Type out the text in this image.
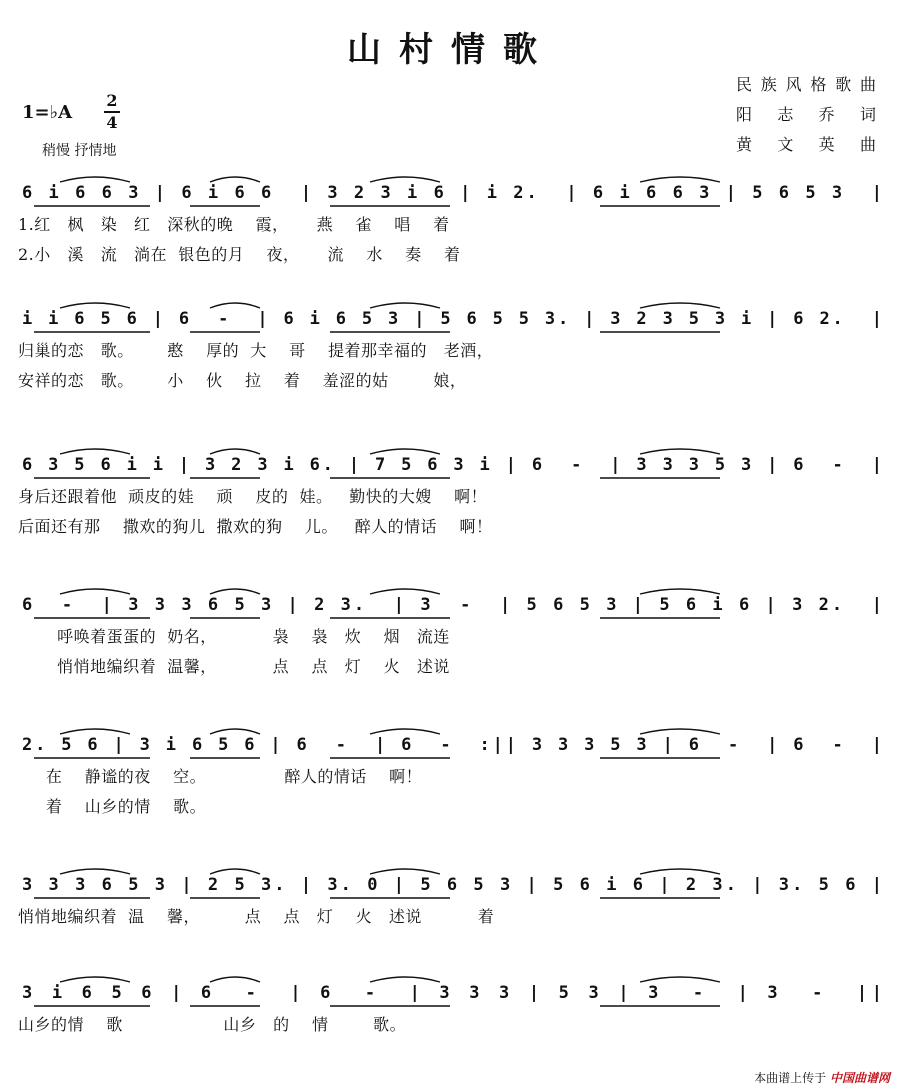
山村情歌
民族风格歌曲
阳 志 乔 词
黄 文 英 曲
1=♭A
2
4
稍慢 抒情地
6 i 6 6 3 | 6 i 6 6  | 3 2 3 i 6 | i 2.  | 6 i 6 6 3 | 5 6 5 3  |
1.红   枫   染   红   深秋的晚    霞，     燕    雀    唱    着
2.小   溪   流   淌在  银色的月    夜，     流    水    奏    着
i i 6 5 6 | 6  -  | 6 i 6 5 3 | 5 6 5 5 3. | 3 2 3 5 3 i | 6 2.  |
归巢的恋   歌。      憨    厚的  大    哥    提着那幸福的   老酒，
安祥的恋   歌。      小    伙    拉    着    羞涩的姑        娘，
6 3 5 6 i i | 3 2 3 i 6. | 7 5 6 3 i | 6  -  | 3 3 3 5 3 | 6  -  |
身后还跟着他  顽皮的娃    顽    皮的  娃。   勤快的大嫂    啊！
后面还有那    撒欢的狗儿  撒欢的狗    儿。   醉人的情话    啊！
6  -  | 3 3 3 6 5 3 | 2 3.  | 3  -  | 5 6 5 3 | 5 6 i 6 | 3 2.  |
呼唤着蛋蛋的  奶名，          袅    袅   炊    烟   流连
悄悄地编织着  温馨，          点    点   灯    火   述说
2. 5 6 | 3 i 6 5 6 | 6  -  | 6  -  :|| 3 3 3 5 3 | 6  -  | 6  -  |
在    静谧的夜    空。              醉人的情话    啊！
着    山乡的情    歌。
3 3 3 6 5 3 | 2 5 3. | 3. 0 | 5 6 5 3 | 5 6 i 6 | 2 3. | 3. 5 6 |
悄悄地编织着  温    馨，        点    点   灯    火   述说          着
3 i 6 5 6 | 6  -  | 6  -  | 3 3 3 | 5 3 | 3  -  | 3  -  ||
山乡的情    歌                  山乡   的    情        歌。
本曲谱上传于 中国曲谱网
